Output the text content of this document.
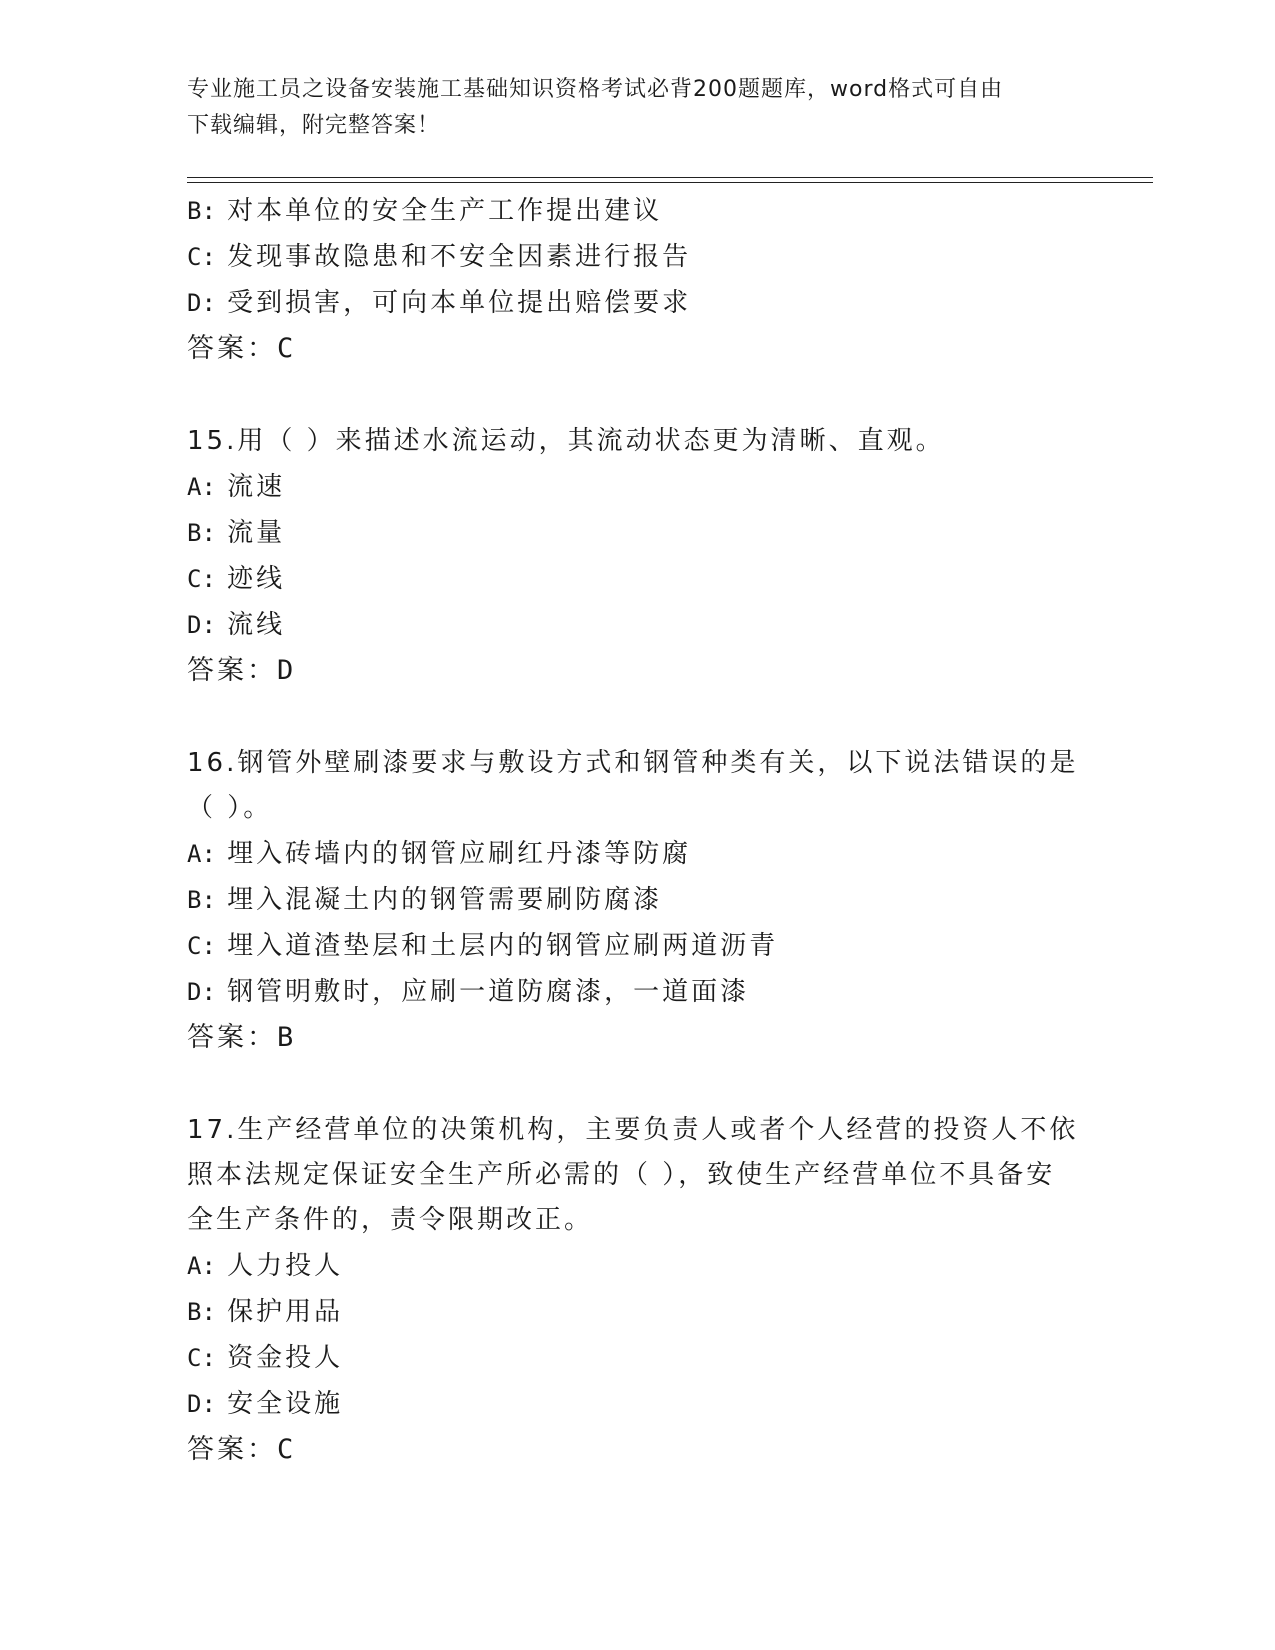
专业施工员之设备安装施工基础知识资格考试必背200题题库，word格式可自由
下载编辑，附完整答案！
B: 对本单位的安全生产工作提出建议
C: 发现事故隐患和不安全因素进行报告
D: 受到损害，可向本单位提出赔偿要求
答案：C
15.用（ ）来描述水流运动，其流动状态更为清晰、直观。
A: 流速
B: 流量
C: 迹线
D: 流线
答案：D
16.钢管外壁刷漆要求与敷设方式和钢管种类有关，以下说法错误的是
（ ）。
A: 埋入砖墙内的钢管应刷红丹漆等防腐
B: 埋入混凝土内的钢管需要刷防腐漆
C: 埋入道渣垫层和土层内的钢管应刷两道沥青
D: 钢管明敷时，应刷一道防腐漆，一道面漆
答案：B
17.生产经营单位的决策机构，主要负责人或者个人经营的投资人不依
照本法规定保证安全生产所必需的（ ），致使生产经营单位不具备安
全生产条件的，责令限期改正。
A: 人力投人
B: 保护用品
C: 资金投人
D: 安全设施
答案：C
